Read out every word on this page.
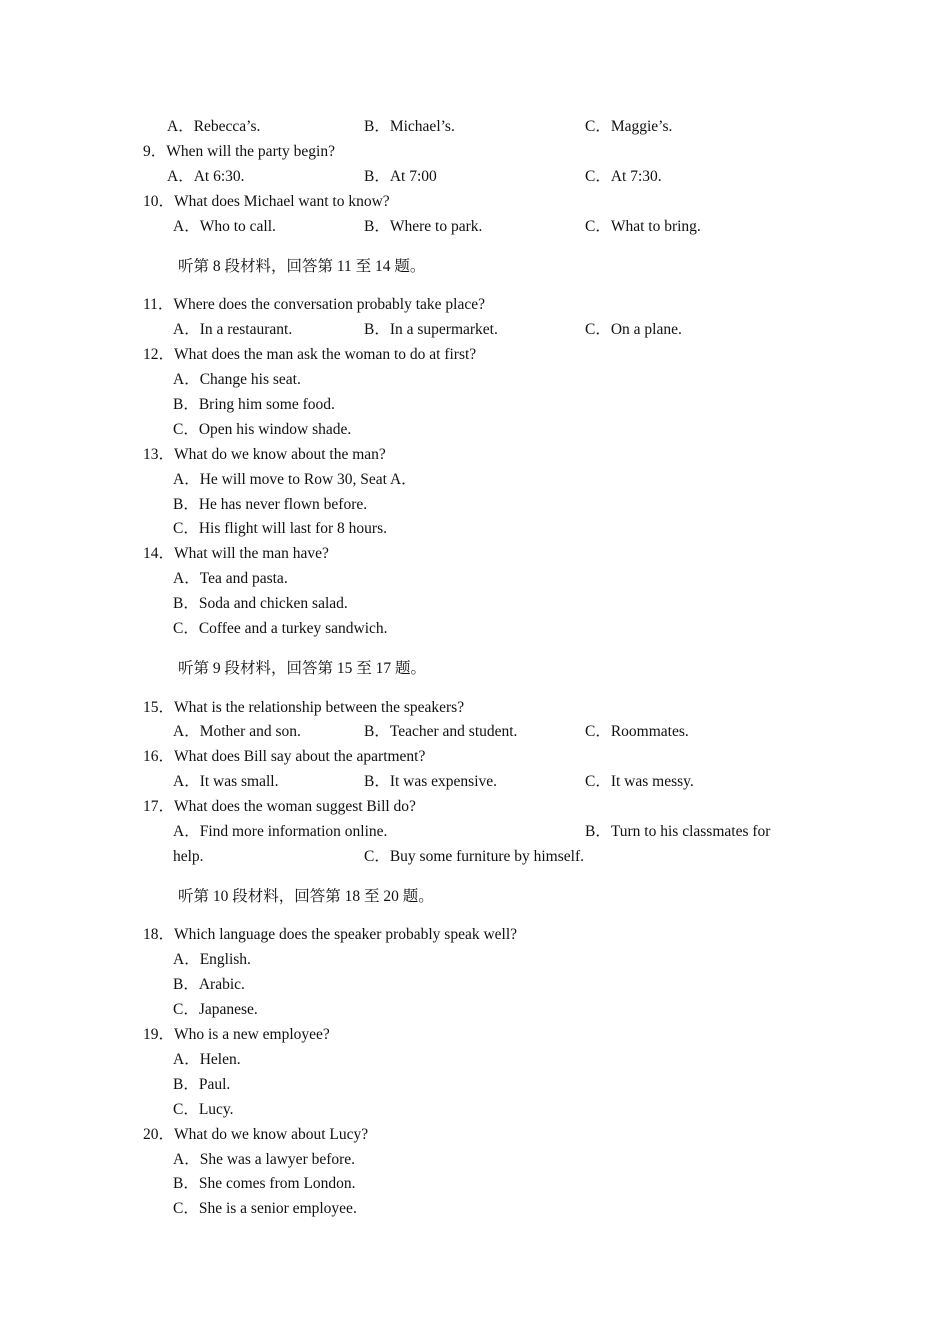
A．Rebecca’s.	B．Michael’s.	C．Maggie’s.
9．When will the party begin?
A．At 6:30.	B．At 7:00	C．At 7:30.
10．What does Michael want to know?
A．Who to call.	B．Where to park.	C．What to bring.
听第 8 段材料，回答第 11 至 14 题。
11．Where does the conversation probably take place?
A．In a restaurant.	B．In a supermarket.	C．On a plane.
12．What does the man ask the woman to do at first?
A．Change his seat.
B．Bring him some food.
C．Open his window shade.
13．What do we know about the man?
A．He will move to Row 30, Seat A．
B．He has never flown before.
C．His flight will last for 8 hours.
14．What will the man have?
A．Tea and pasta.
B．Soda and chicken salad.
C．Coffee and a turkey sandwich.
听第 9 段材料，回答第 15 至 17 题。
15．What is the relationship between the speakers?
A．Mother and son.	B．Teacher and student.	C．Roommates.
16．What does Bill say about the apartment?
A．It was small.	B．It was expensive.	C．It was messy.
17．What does the woman suggest Bill do?
A．Find more information online.	B．Turn to his classmates for
help.	C．Buy some furniture by himself.
听第 10 段材料，回答第 18 至 20 题。
18．Which language does the speaker probably speak well?
A．English.
B．Arabic.
C．Japanese.
19．Who is a new employee?
A．Helen.
B．Paul.
C．Lucy.
20．What do we know about Lucy?
A．She was a lawyer before.
B．She comes from London.
C．She is a senior employee.
